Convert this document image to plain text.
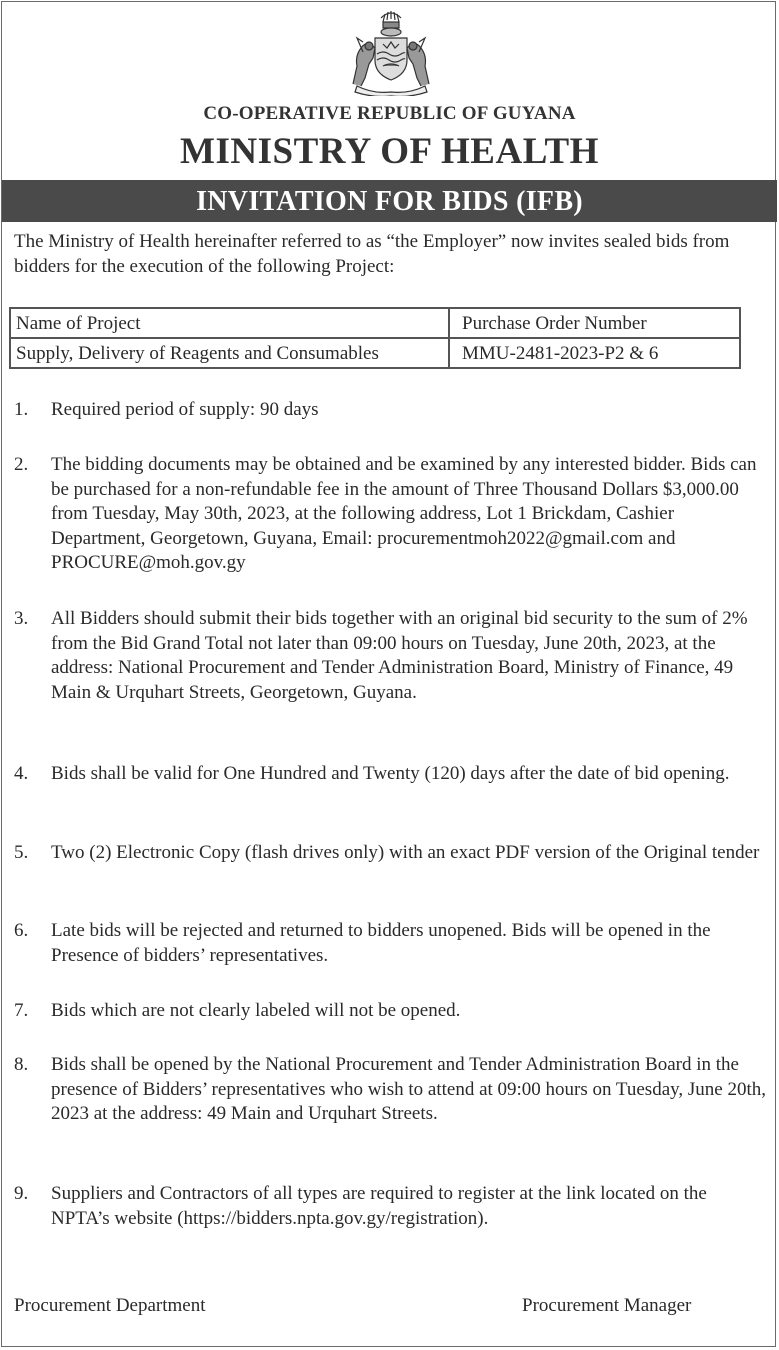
CO-OPERATIVE REPUBLIC OF GUYANA
MINISTRY OF HEALTH
INVITATION FOR BIDS (IFB)
The Ministry of Health hereinafter referred to as “the Employer” now invites sealed bids from bidders for the execution of the following Project:
Name of Project	Purchase Order Number
Supply, Delivery of Reagents and Consumables	MMU-2481-2023-P2 & 6
1. Required period of supply: 90 days
2. The bidding documents may be obtained and be examined by any interested bidder. Bids can be purchased for a non-refundable fee in the amount of Three Thousand Dollars $3,000.00 from Tuesday, May 30th, 2023, at the following address, Lot 1 Brickdam, Cashier Department, Georgetown, Guyana, Email: procurementmoh2022@gmail.com and PROCURE@moh.gov.gy
3. All Bidders should submit their bids together with an original bid security to the sum of 2% from the Bid Grand Total not later than 09:00 hours on Tuesday, June 20th, 2023, at the address: National Procurement and Tender Administration Board, Ministry of Finance, 49 Main & Urquhart Streets, Georgetown, Guyana.
4. Bids shall be valid for One Hundred and Twenty (120) days after the date of bid opening.
5. Two (2) Electronic Copy (flash drives only) with an exact PDF version of the Original tender
6. Late bids will be rejected and returned to bidders unopened. Bids will be opened in the Presence of bidders’ representatives.
7. Bids which are not clearly labeled will not be opened.
8. Bids shall be opened by the National Procurement and Tender Administration Board in the presence of Bidders’ representatives who wish to attend at 09:00 hours on Tuesday, June 20th, 2023 at the address: 49 Main and Urquhart Streets.
9. Suppliers and Contractors of all types are required to register at the link located on the NPTA’s website (https://bidders.npta.gov.gy/registration).
Procurement Department	Procurement Manager
